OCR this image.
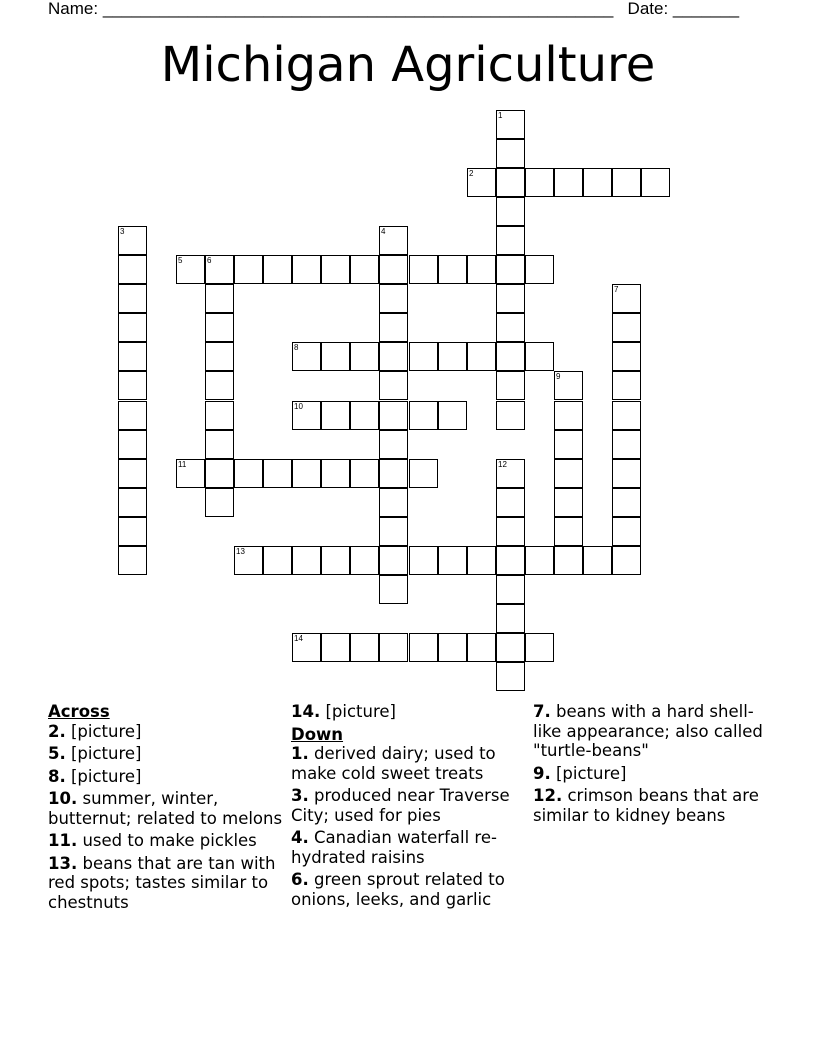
Name: ______________________________________________________ Date: _______
Michigan Agriculture
1
2
3	4
5	6
7
8
9
10
11	12
13
14
Across
2. [picture]
5. [picture]
8. [picture]
10. summer, winter, butternut; related to melons
11. used to make pickles
13. beans that are tan with red spots; tastes similar to chestnuts
14. [picture]
Down
1. derived dairy; used to make cold sweet treats
3. produced near Traverse City; used for pies
4. Canadian waterfall re-hydrated raisins
6. green sprout related to onions, leeks, and garlic
7. beans with a hard shell-like appearance; also called "turtle-beans"
9. [picture]
12. crimson beans that are similar to kidney beans
